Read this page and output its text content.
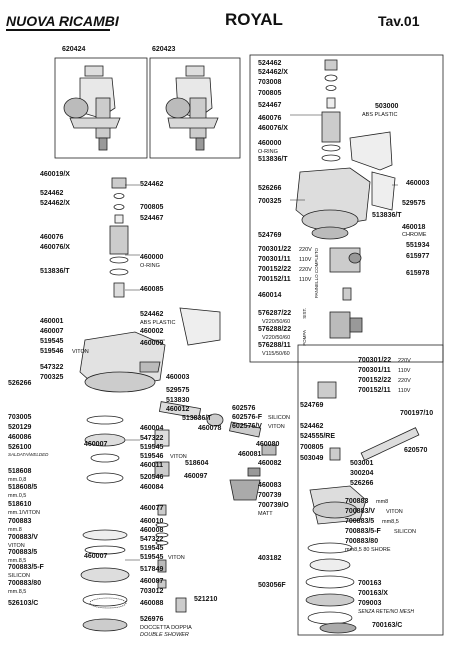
NUOVA RICAMBI	ROYAL	Tav.01
620424	620423
524462
524462/X
703008
700805
524467
460076
460076/X
460000
O-RING
513836/T
503000
ABS PLASTIC
526266
700325
460003
529575
513836/T
460018
CHROME
524769
551934
615977
615978
700301/22 220V
700301/11 110V
700152/22 220V
700152/11 110V PANNELLO COMPLETO
460014
576287/22
V220/50/60
576288/22
V220/50/60
576288/11
V115/50/60
SIST.
POMPA
460019/X
524462
524462/X
524462
700805
524467
460076
460076/X
460000
O-RING
513836/T
460085
524462
ABS PLASTIC
460001
460002
460007
519545	460009
519546 VITON
547322
700325	460003
526266
529575
513830
460012
703005
520129
460086
460007
526100
SALDATA/WELDED
513836/T
460004	460078
547322
519545
519546 VITON
460011
602576
602576-F SILICON
602576/V VITON
518608
mm.0,8
518608/5
mm.0,5
518610
mm.1/VITON
520546
460084
518604
460080
460081
460082
460097
460083
700739
700739/O
MATT
700883
mm.8
700883/V
VITON
700883/5
mm.8,5
700883/5-F
SILICON
700883/80
mm.8,5
460007
460077
460010
460008
547322
519545
519545 VITON
517849
460087
703012
460088
521210
526103/C
526976
DOCCETTA DOPPIA
DOUBLE SHOWER
700301/22 220V
700301/11 110V
700152/22 220V
700152/11 110V
524769
700197/10
524462
524555/RE
700805
503049
620570
503001
300204
526266
700883 mm8
700883/V VITON
700883/5 mm8,5
700883/5-F SILICON
700883/80
mm8,5 80 SHORE
403182
503056F	700163
700163/X
709003
SENZA RETE/NO MESH
700163/C
